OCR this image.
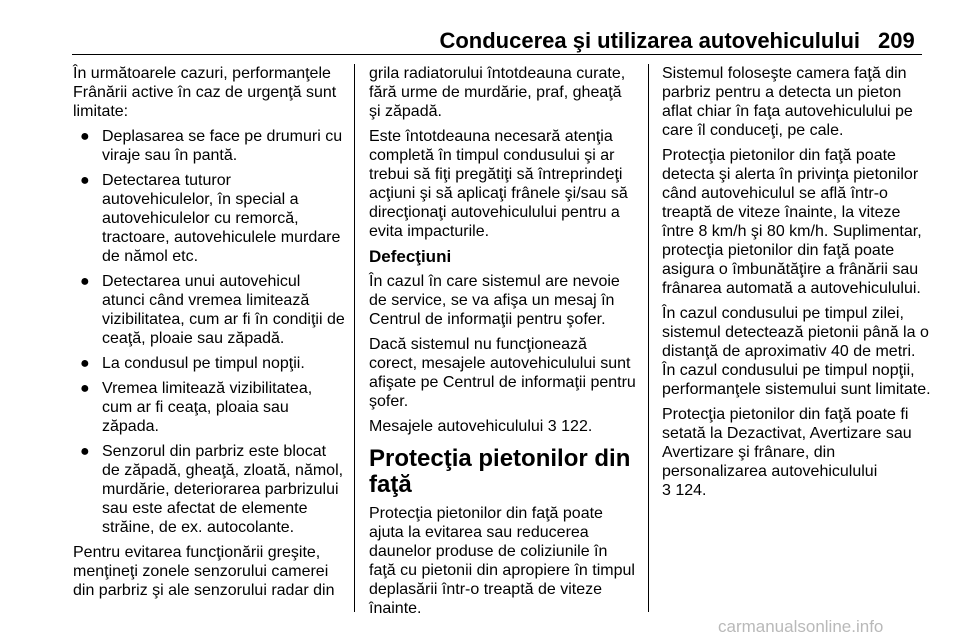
Conducerea şi utilizarea autovehiculului 209

În următoarele cazuri, performanţele Frânării active în caz de urgenţă sunt limitate:

● Deplasarea se face pe drumuri cu viraje sau în pantă.
● Detectarea tuturor autovehiculelor, în special a autovehiculelor cu remorcă, tractoare, autovehiculele murdare de nămol etc.
● Detectarea unui autovehicul atunci când vremea limitează vizibilitatea, cum ar fi în condiţii de ceaţă, ploaie sau zăpadă.
● La condusul pe timpul nopţii.
● Vremea limitează vizibilitatea, cum ar fi ceaţa, ploaia sau zăpada.
● Senzorul din parbriz este blocat de zăpadă, gheaţă, zloată, nămol, murdărie, deteriorarea parbrizului sau este afectat de elemente străine, de ex. autocolante.

Pentru evitarea funcţionării greşite, menţineţi zonele senzorului camerei din parbriz şi ale senzorului radar din

grila radiatorului întotdeauna curate, fără urme de murdărie, praf, gheaţă şi zăpadă.

Este întotdeauna necesară atenţia completă în timpul condusului şi ar trebui să fiţi pregătiţi să întreprindeţi acţiuni şi să aplicaţi frânele şi/sau să direcţionaţi autovehiculului pentru a evita impacturile.

Defecţiuni

În cazul în care sistemul are nevoie de service, se va afişa un mesaj în Centrul de informaţii pentru şofer.

Dacă sistemul nu funcţionează corect, mesajele autovehiculului sunt afişate pe Centrul de informaţii pentru şofer.

Mesajele autovehiculului 3 122.

Protecţia pietonilor din faţă

Protecţia pietonilor din faţă poate ajuta la evitarea sau reducerea daunelor produse de coliziunile în faţă cu pietonii din apropiere în timpul deplasării într-o treaptă de viteze înainte.

Sistemul foloseşte camera faţă din parbriz pentru a detecta un pieton aflat chiar în faţa autovehiculului pe care îl conduceţi, pe cale.

Protecţia pietonilor din faţă poate detecta şi alerta în privinţa pietonilor când autovehiculul se află într-o treaptă de viteze înainte, la viteze între 8 km/h şi 80 km/h. Suplimentar, protecţia pietonilor din faţă poate asigura o îmbunătăţire a frânării sau frânarea automată a autovehiculului.

În cazul condusului pe timpul zilei, sistemul detectează pietonii până la o distanţă de aproximativ 40 de metri. În cazul condusului pe timpul nopţii, performanţele sistemului sunt limitate.

Protecţia pietonilor din faţă poate fi setată la Dezactivat, Avertizare sau Avertizare şi frânare, din personalizarea autovehiculului
3 124.

carmanualsonline.info
